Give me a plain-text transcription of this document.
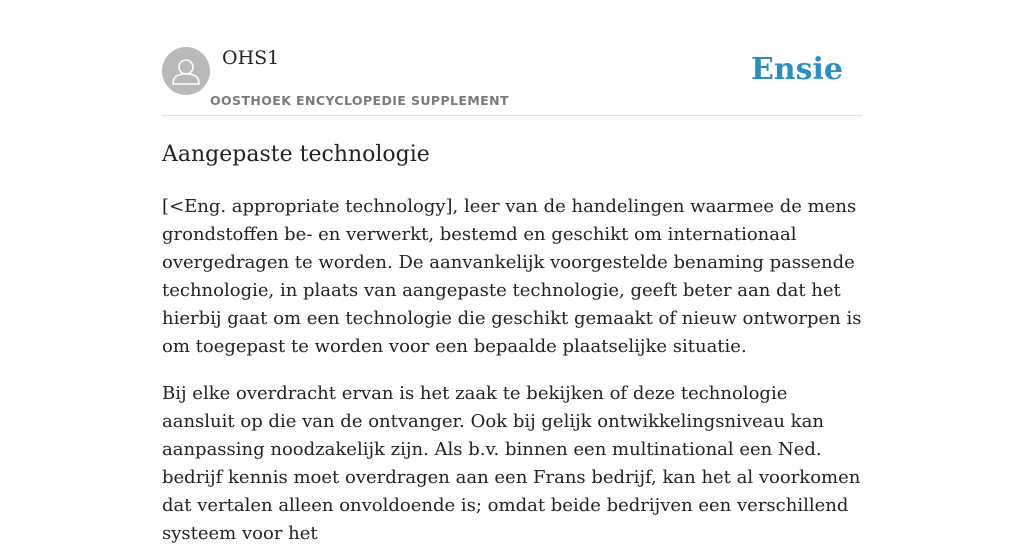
OHS1
OOSTHOEK ENCYCLOPEDIE SUPPLEMENT
Ensie
Aangepaste technologie

[<Eng. appropriate technology], leer van de handelingen waarmee de mens grondstoffen be- en verwerkt, bestemd en geschikt om internationaal overgedragen te worden. De aanvankelijk voorgestelde benaming passende technologie, in plaats van aangepaste technologie, geeft beter aan dat het hierbij gaat om een technologie die geschikt gemaakt of nieuw ontworpen is om toegepast te worden voor een bepaalde plaatselijke situatie.

Bij elke overdracht ervan is het zaak te bekijken of deze technologie aansluit op die van de ontvanger. Ook bij gelijk ontwikkelingsniveau kan aanpassing noodzakelijk zijn. Als b.v. binnen een multinational een Ned. bedrijf kennis moet overdragen aan een Frans bedrijf, kan het al voorkomen dat vertalen alleen onvoldoende is; omdat beide bedrijven een verschillend systeem voor het
